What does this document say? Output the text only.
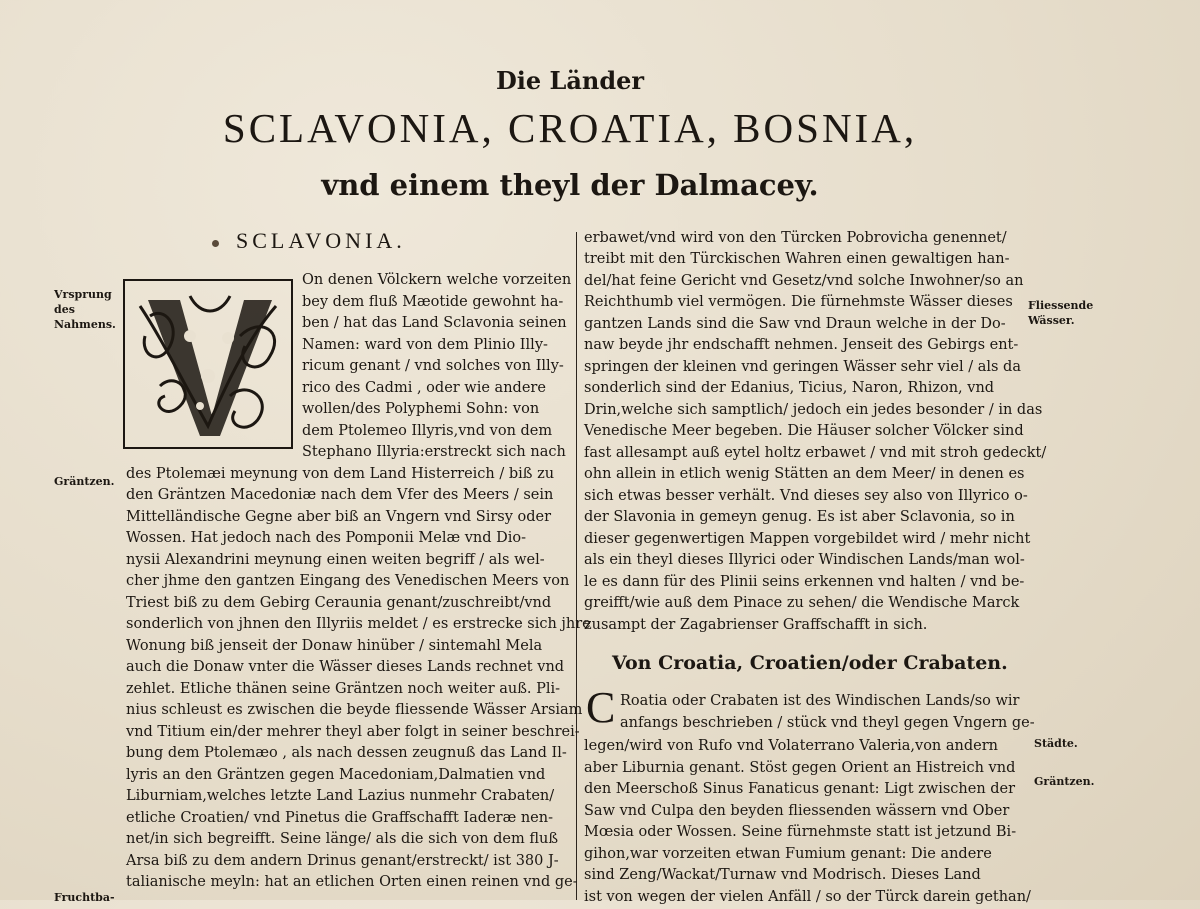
Die Länder
SCLAVONIA, CROATIA, BOSNIA,
vnd einem theyl der Dalmacey.
SCLAVONIA.
Vrsprung des Nahmens.
Gräntzen.
Fruchtba-
On denen Völckern welche vorzeiten
bey dem fluß Mæotide gewohnt ha-
ben / hat das Land Sclavonia seinen
Namen: ward von dem Plinio Illy-
ricum genant / vnd solches von Illy-
rico des Cadmi , oder wie andere
wollen/des Polyphemi Sohn: von
dem Ptolemeo Illyris,vnd von dem
Stephano Illyria:erstreckt sich nach
des Ptolemæi meynung von dem Land Histerreich / biß zu
den Gräntzen Macedoniæ nach dem Vfer des Meers / sein
Mittelländische Gegne aber biß an Vngern vnd Sirsy oder
Wossen. Hat jedoch nach des Pomponii Melæ vnd Dio-
nysii Alexandrini meynung einen weiten begriff / als wel-
cher jhme den gantzen Eingang des Venedischen Meers von
Triest biß zu dem Gebirg Ceraunia genant/zuschreibt/vnd
sonderlich von jhnen den Illyriis meldet / es erstrecke sich jhre
Wonung biß jenseit der Donaw hinüber / sintemahl Mela
auch die Donaw vnter die Wässer dieses Lands rechnet vnd
zehlet. Etliche thänen seine Gräntzen noch weiter auß. Pli-
nius schleust es zwischen die beyde fliessende Wässer Arsiam
vnd Titium ein/der mehrer theyl aber folgt in seiner beschrei-
bung dem Ptolemæo , als nach dessen zeugnuß das Land Il-
lyris an den Gräntzen gegen Macedoniam,Dalmatien vnd
Liburniam,welches letzte Land Lazius nunmehr Crabaten/
etliche Croatien/ vnd Pinetus die Graffschafft Iaderæ nen-
net/in sich begreifft. Seine länge/ als die sich von dem fluß
Arsa biß zu dem andern Drinus genant/erstreckt/ ist 380 J-
talianische meyln: hat an etlichen Orten einen reinen vnd ge-
erbawet/vnd wird von den Türcken Pobrovicha genennet/
treibt mit den Türckischen Wahren einen gewaltigen han-
del/hat feine Gericht vnd Gesetz/vnd solche Inwohner/so an
Reichthumb viel vermögen. Die fürnehmste Wässer dieses
gantzen Lands sind die Saw vnd Draun welche in der Do-
naw beyde jhr endschafft nehmen. Jenseit des Gebirgs ent-
springen der kleinen vnd geringen Wässer sehr viel / als da
sonderlich sind der Edanius, Ticius, Naron, Rhizon, vnd
Drin,welche sich samptlich/ jedoch ein jedes besonder / in das
Venedische Meer begeben. Die Häuser solcher Völcker sind
fast allesampt auß eytel holtz erbawet / vnd mit stroh gedeckt/
ohn allein in etlich wenig Stätten an dem Meer/ in denen es
sich etwas besser verhält. Vnd dieses sey also von Illyrico o-
der Slavonia in gemeyn genug. Es ist aber Sclavonia, so in
dieser gegenwertigen Mappen vorgebildet wird / mehr nicht
als ein theyl dieses Illyrici oder Windischen Lands/man wol-
le es dann für des Plinii seins erkennen vnd halten / vnd be-
greifft/wie auß dem Pinace zu sehen/ die Wendische Marck
zusampt der Zagabrienser Graffschafft in sich.
Fliessende Wässer.
Städte.
Gräntzen.
Von Croatia, Croatien/oder Crabaten.
C Roatia oder Crabaten ist des Windischen Lands/so wir
anfangs beschrieben / stück vnd theyl gegen Vngern ge-
legen/wird von Rufo vnd Volaterrano Valeria,von andern
aber Liburnia genant. Stöst gegen Orient an Histreich vnd
den Meerschoß Sinus Fanaticus genant: Ligt zwischen der
Saw vnd Culpa den beyden fliessenden wässern vnd Ober
Mœsia oder Wossen. Seine fürnehmste statt ist jetzund Bi-
gihon,war vorzeiten etwan Fumium genant: Die andere
sind Zeng/Wackat/Turnaw vnd Modrisch. Dieses Land
ist von wegen der vielen Anfäll / so der Türck darein gethan/
